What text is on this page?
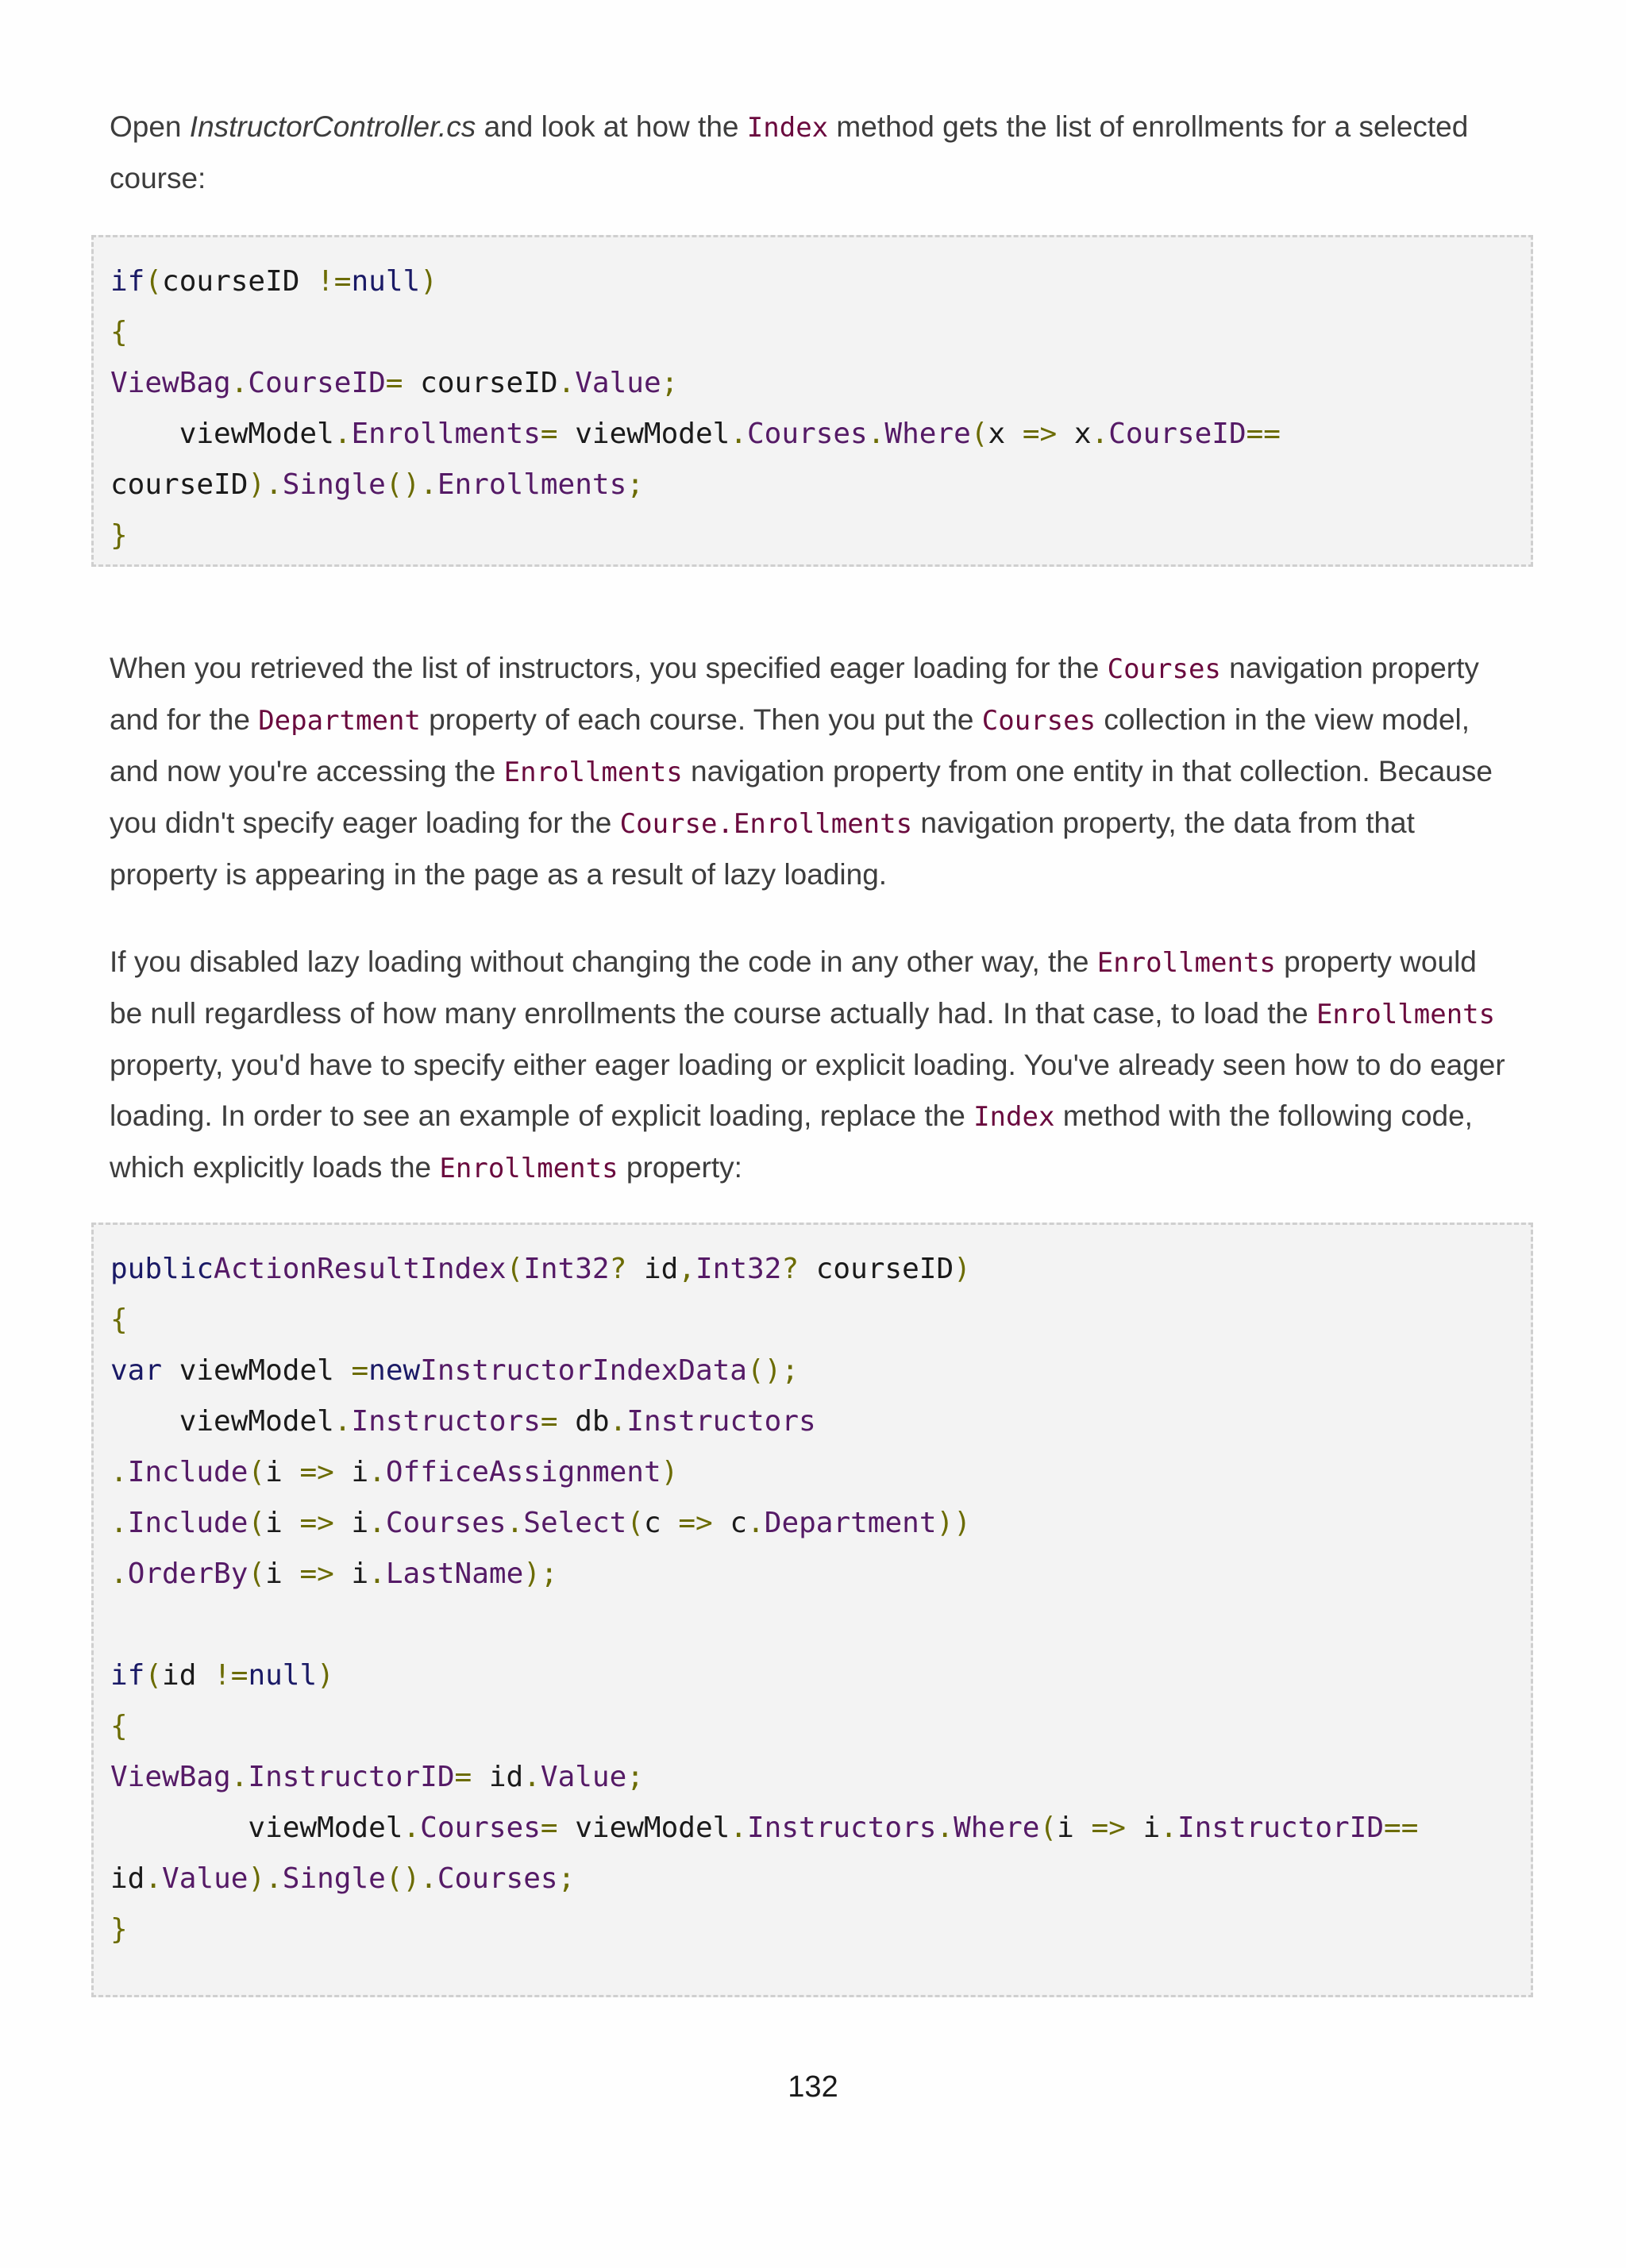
Open InstructorController.cs and look at how the Index method gets the list of enrollments for a selected course:

if(courseID !=null)
{
ViewBag.CourseID= courseID.Value;
viewModel.Enrollments= viewModel.Courses.Where(x => x.CourseID==
courseID).Single().Enrollments;
}

When you retrieved the list of instructors, you specified eager loading for the Courses navigation property and for the Department property of each course. Then you put the Courses collection in the view model, and now you're accessing the Enrollments navigation property from one entity in that collection. Because you didn't specify eager loading for the Course.Enrollments navigation property, the data from that property is appearing in the page as a result of lazy loading.

If you disabled lazy loading without changing the code in any other way, the Enrollments property would be null regardless of how many enrollments the course actually had. In that case, to load the Enrollments property, you'd have to specify either eager loading or explicit loading. You've already seen how to do eager loading. In order to see an example of explicit loading, replace the Index method with the following code, which explicitly loads the Enrollments property:

publicActionResultIndex(Int32? id,Int32? courseID)
{
var viewModel =newInstructorIndexData();
viewModel.Instructors= db.Instructors
.Include(i => i.OfficeAssignment)
.Include(i => i.Courses.Select(c => c.Department))
.OrderBy(i => i.LastName);
if(id !=null)
{
ViewBag.InstructorID= id.Value;
viewModel.Courses= viewModel.Instructors.Where(i => i.InstructorID==
id.Value).Single().Courses;
}
132
